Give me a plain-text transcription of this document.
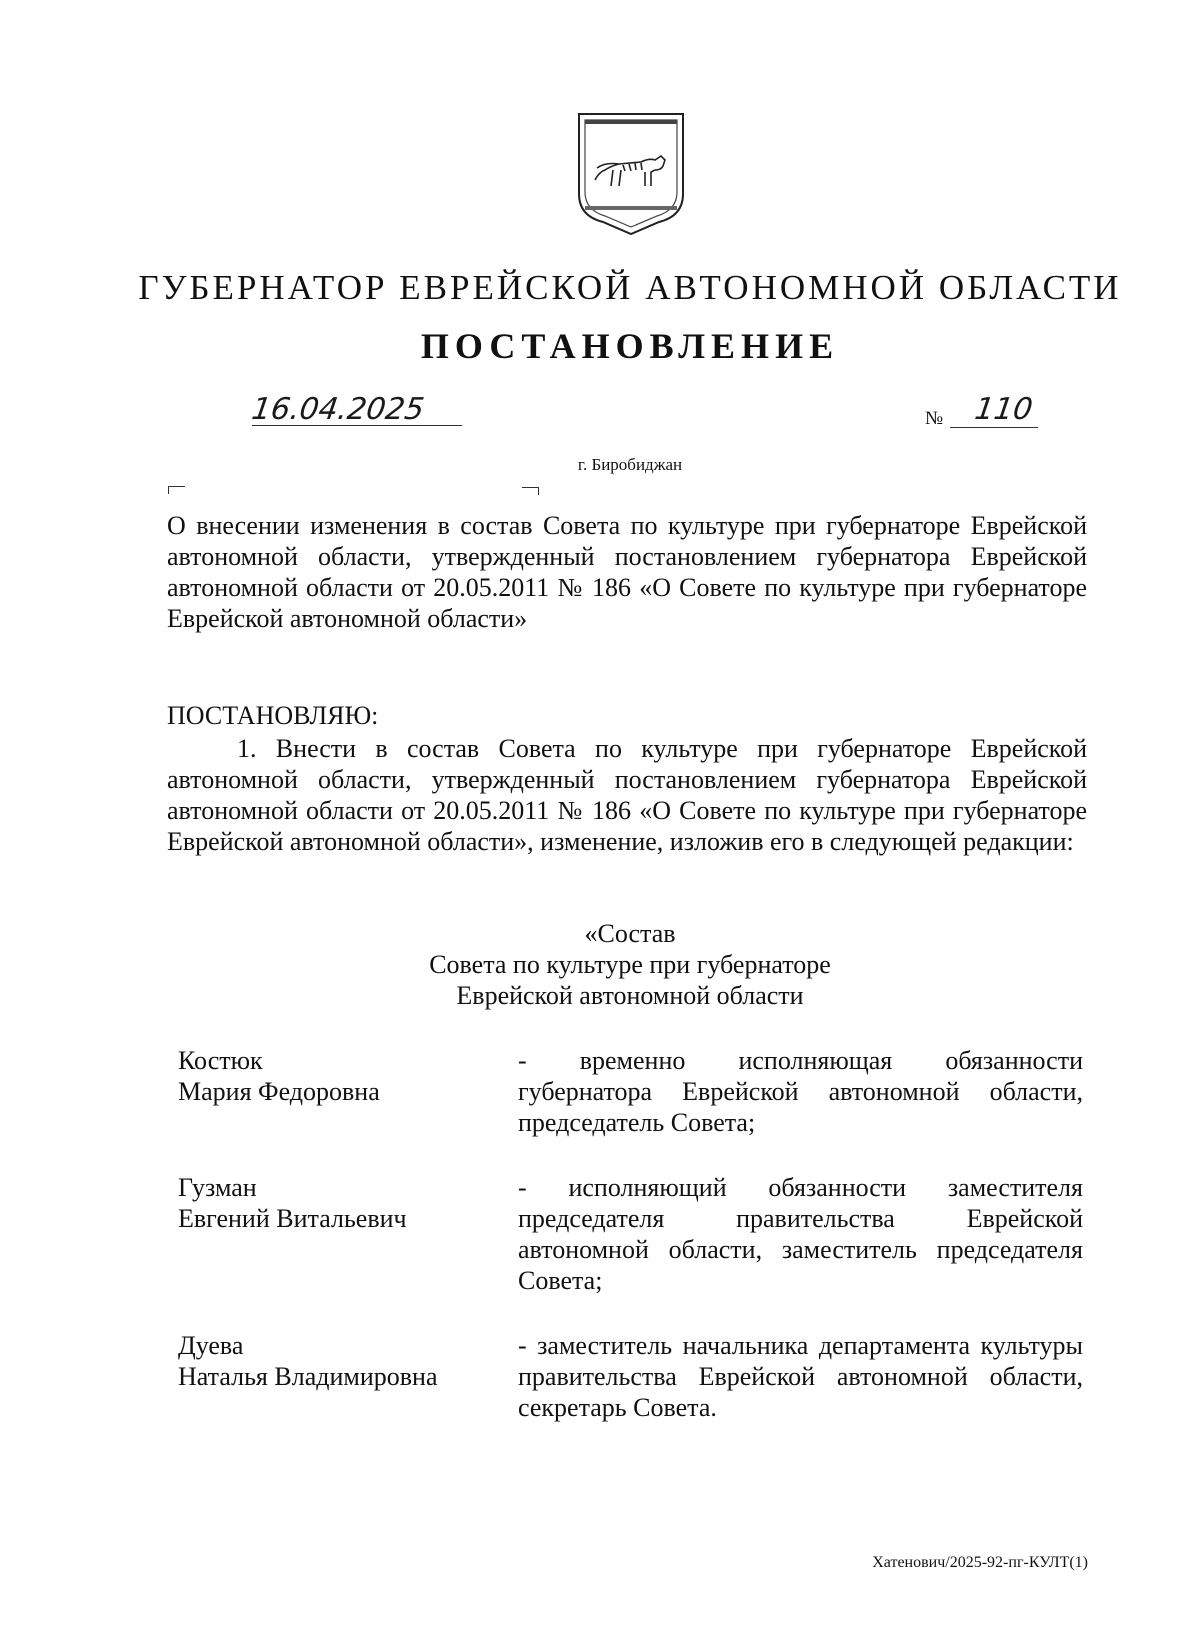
ГУБЕРНАТОР ЕВРЕЙСКОЙ АВТОНОМНОЙ ОБЛАСТИ
ПОСТАНОВЛЕНИЕ
16.04.2025	№ 110
г. Биробиджан
О внесении изменения в состав Совета по культуре при губернаторе Еврейской автономной области, утвержденный постановлением губернатора Еврейской автономной области от 20.05.2011 № 186 «О Совете по культуре при губернаторе Еврейской автономной области»
ПОСТАНОВЛЯЮ:
1. Внести в состав Совета по культуре при губернаторе Еврейской автономной области, утвержденный постановлением губернатора Еврейской автономной области от 20.05.2011 № 186 «О Совете по культуре при губернаторе Еврейской автономной области», изменение, изложив его в следующей редакции:
«Состав
Совета по культуре при губернаторе
Еврейской автономной области
Костюк
Мария Федоровна
- временно исполняющая обязанности губернатора Еврейской автономной области, председатель Совета;
Гузман
Евгений Витальевич
- исполняющий обязанности заместителя председателя правительства Еврейской автономной области, заместитель председателя Совета;
Дуева
Наталья Владимировна
- заместитель начальника департамента культуры правительства Еврейской автономной области, секретарь Совета.
Хатенович/2025-92-пг-КУЛТ(1)
